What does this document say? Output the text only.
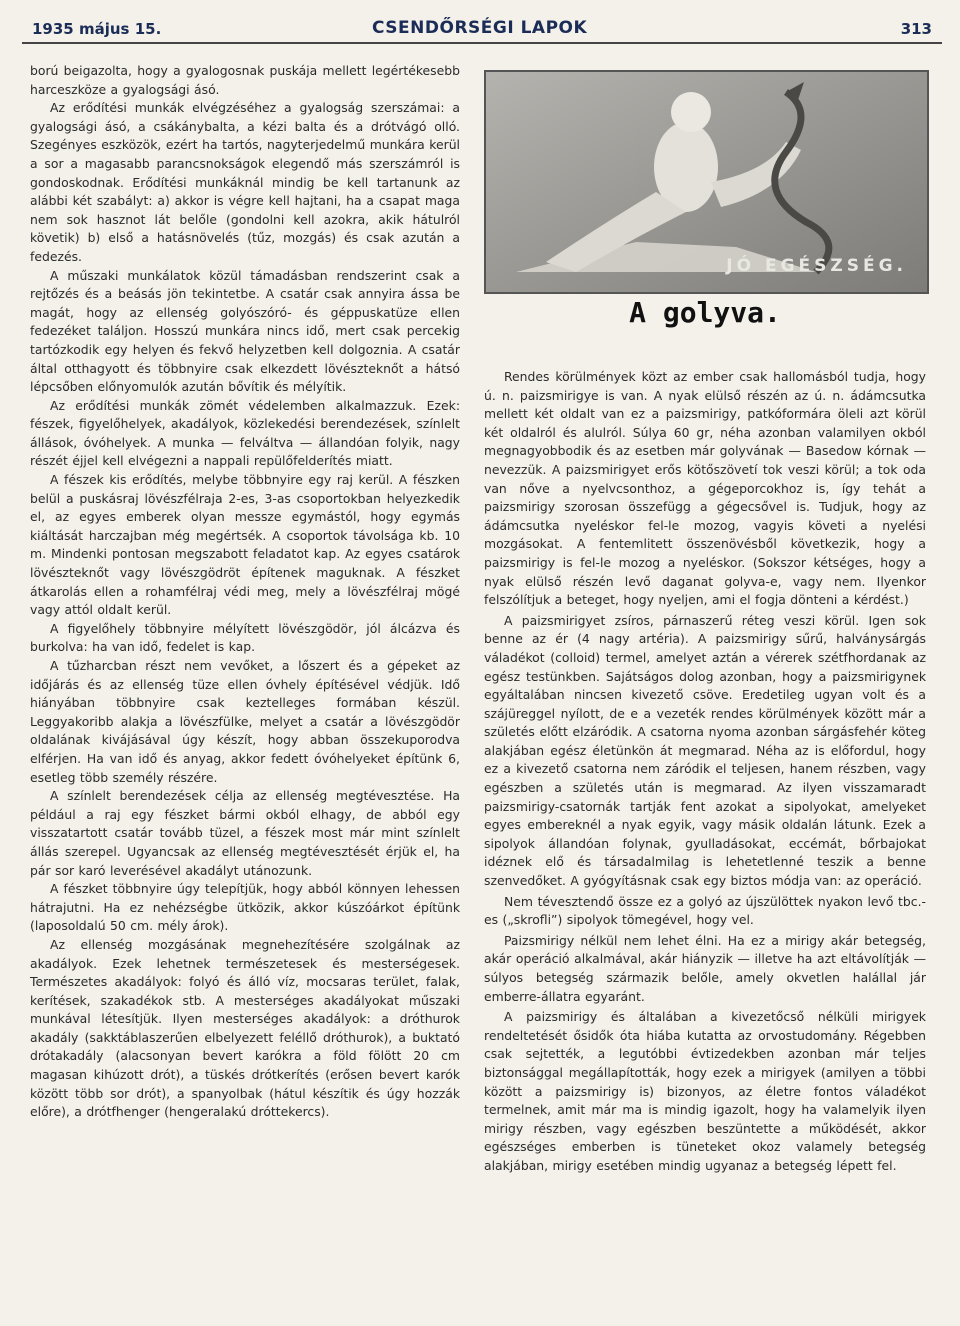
1935 május 15.	CSENDŐRSÉGI LAPOK	313

ború beigazolta, hogy a gyalogosnak puskája mellett legértékesebb harceszköze a gyalogsági ásó.

Az erődítési munkák elvégzéséhez a gyalogság szerszámai: a gyalogsági ásó, a csákánybalta, a kézi balta és a drótvágó olló. Szegényes eszközök, ezért ha tartós, nagyterjedelmű munkára kerül a sor a magasabb parancsnokságok elegendő más szerszámról is gondoskodnak. Erődítési munkáknál mindig be kell tartanunk az alábbi két szabályt: a) akkor is végre kell hajtani, ha a csapat maga nem sok hasznot lát belőle (gondolni kell azokra, akik hátulról követik) b) első a hatásnövelés (tűz, mozgás) és csak azután a fedezés.

A műszaki munkálatok közül támadásban rendszerint csak a rejtőzés és a beásás jön tekintetbe. A csatár csak annyira ássa be magát, hogy az ellenség golyószóró- és géppuskatüze ellen fedezéket találjon. Hosszú munkára nincs idő, mert csak percekig tartózkodik egy helyen és fekvő helyzetben kell dolgoznia. A csatár által otthagyott és többnyire csak elkezdett lövészteknőt a hátsó lépcsőben előnyomulók azután bővítik és mélyítik.

Az erődítési munkák zömét védelemben alkalmazzuk. Ezek: fészek, figyelőhelyek, akadályok, közlekedési berendezések, színlelt állások, óvóhelyek. A munka — felváltva — állandóan folyik, nagy részét éjjel kell elvégezni a nappali repülőfelderítés miatt.

A fészek kis erődítés, melybe többnyire egy raj kerül. A fészken belül a puskásraj lövészfélraja 2-es, 3-as csoportokban helyezkedik el, az egyes emberek olyan messze egymástól, hogy egymás kiáltását harczajban még megértsék. A csoportok távolsága kb. 10 m. Mindenki pontosan megszabott feladatot kap. Az egyes csatárok lövészteknőt vagy lövészgödröt építenek maguknak. A fészket átkarolás ellen a rohamfélraj védi meg, mely a lövészfélraj mögé vagy attól oldalt kerül.

A figyelőhely többnyire mélyített lövészgödör, jól álcázva és burkolva: ha van idő, fedelet is kap.

A tűzharcban részt nem vevőket, a lőszert és a gépeket az időjárás és az ellenség tüze ellen óvhely építésével védjük. Idő hiányában többnyire csak keztelleges formában készül. Leggyakoribb alakja a lövészfülke, melyet a csatár a lövészgödör oldalának kivájásával úgy készít, hogy abban összekuporodva elférjen. Ha van idő és anyag, akkor fedett óvóhelyeket építünk 6, esetleg több személy részére.

A színlelt berendezések célja az ellenség megtévesztése. Ha például a raj egy fészket bármi okból elhagy, de abból egy visszatartott csatár tovább tüzel, a fészek most már mint színlelt állás szerepel. Ugyancsak az ellenség megtévesztését érjük el, ha pár sor karó leverésével akadályt utánozunk.

A fészket többnyire úgy telepítjük, hogy abból könnyen lehessen hátrajutni. Ha ez nehézségbe ütközik, akkor kúszóárkot építünk (laposoldalú 50 cm. mély árok).

Az ellenség mozgásának megnehezítésére szolgálnak az akadályok. Ezek lehetnek természetesek és mesterségesek. Természetes akadályok: folyó és álló víz, mocsaras terület, falak, kerítések, szakadékok stb. A mesterséges akadályokat műszaki munkával létesítjük. Ilyen mesterséges akadályok: a dróthurok akadály (sakktáblaszerűen elbelyezett feléllő dróthurok), a buktató drótakadály (alacsonyan bevert karókra a föld fölött 20 cm magasan kihúzott drót), a tüskés drótkerítés (erősen bevert karók között több sor drót), a spanyolbak (hátul készítik és úgy hozzák előre), a drótfhenger (hengeralakú dróttekercs).

JÓ EGÉSZSÉG.
A golyva.

Rendes körülmények közt az ember csak hallomásból tudja, hogy ú. n. paizsmirigye is van. A nyak elülső részén az ú. n. ádámcsutka mellett két oldalt van ez a paizsmirigy, patkóformára öleli azt körül két oldalról és alulról. Súlya 60 gr, néha azonban valamilyen okból megnagyobbodik és az esetben már golyvának — Basedow kórnak — nevezzük. A paizsmirigyet erős kötőszövetí tok veszi körül; a tok oda van nőve a nyelvcsonthoz, a gégeporcokhoz is, így tehát a paizsmirigy szorosan összefügg a gégecsővel is. Tudjuk, hogy az ádámcsutka nyeléskor fel-le mozog, vagyis követi a nyelési mozgásokat. A fentemlitett összenövésből következik, hogy a paizsmirigy is fel-le mozog a nyeléskor. (Sokszor kétséges, hogy a nyak elülső részén levő daganat golyva-e, vagy nem. Ilyenkor felszólítjuk a beteget, hogy nyeljen, ami el fogja dönteni a kérdést.)

A paizsmirigyet zsíros, párnaszerű réteg veszi körül. Igen sok benne az ér (4 nagy artéria). A paizsmirigy sűrű, halványsárgás váladékot (colloid) termel, amelyet aztán a vérerek szétfhordanak az egész testünkben. Sajátságos dolog azonban, hogy a paizsmirigynek egyáltalában nincsen kivezető csöve. Eredetileg ugyan volt és a szájüreggel nyílott, de e a vezeték rendes körülmények között már a születés előtt elzáródik. A csatorna nyoma azonban sárgásfehér köteg alakjában egész életünkön át megmarad. Néha az is előfordul, hogy ez a kivezető csatorna nem záródik el teljesen, hanem részben, vagy egészben a születés után is megmarad. Az ilyen visszamaradt paizsmirigy-csatornák tartják fent azokat a sipolyokat, amelyeket egyes embereknél a nyak egyik, vagy másik oldalán látunk. Ezek a sipolyok állandóan folynak, gyulladásokat, eccémát, bőrbajokat idéznek elő és társadalmilag is lehetetlenné teszik a benne szenvedőket. A gyógyításnak csak egy biztos módja van: az operáció.

Nem tévesztendő össze ez a golyó az újszülöttek nyakon levő tbc.-es („skrofli”) sipolyok tömegével, hogy vel.

Paizsmirigy nélkül nem lehet élni. Ha ez a mirigy akár betegség, akár operáció alkalmával, akár hiányzik — illetve ha azt eltávolítják — súlyos betegség származik belőle, amely okvetlen halállal jár emberre-állatra egyaránt.

A paizsmirigy és általában a kivezetőcső nélküli mirigyek rendeltetését ősidők óta hiába kutatta az orvostudomány. Régebben csak sejtették, a legutóbbi évtizedekben azonban már teljes biztonsággal megállapították, hogy ezek a mirigyek (amilyen a többi között a paizsmirigy is) bizonyos, az életre fontos váladékot termelnek, amit már ma is mindig igazolt, hogy ha valamelyik ilyen mirigy részben, vagy egészben beszüntette a működését, akkor egészséges emberben is tüneteket okoz valamely betegség alakjában, mirigy esetében mindig ugyanaz a betegség lépett fel.
